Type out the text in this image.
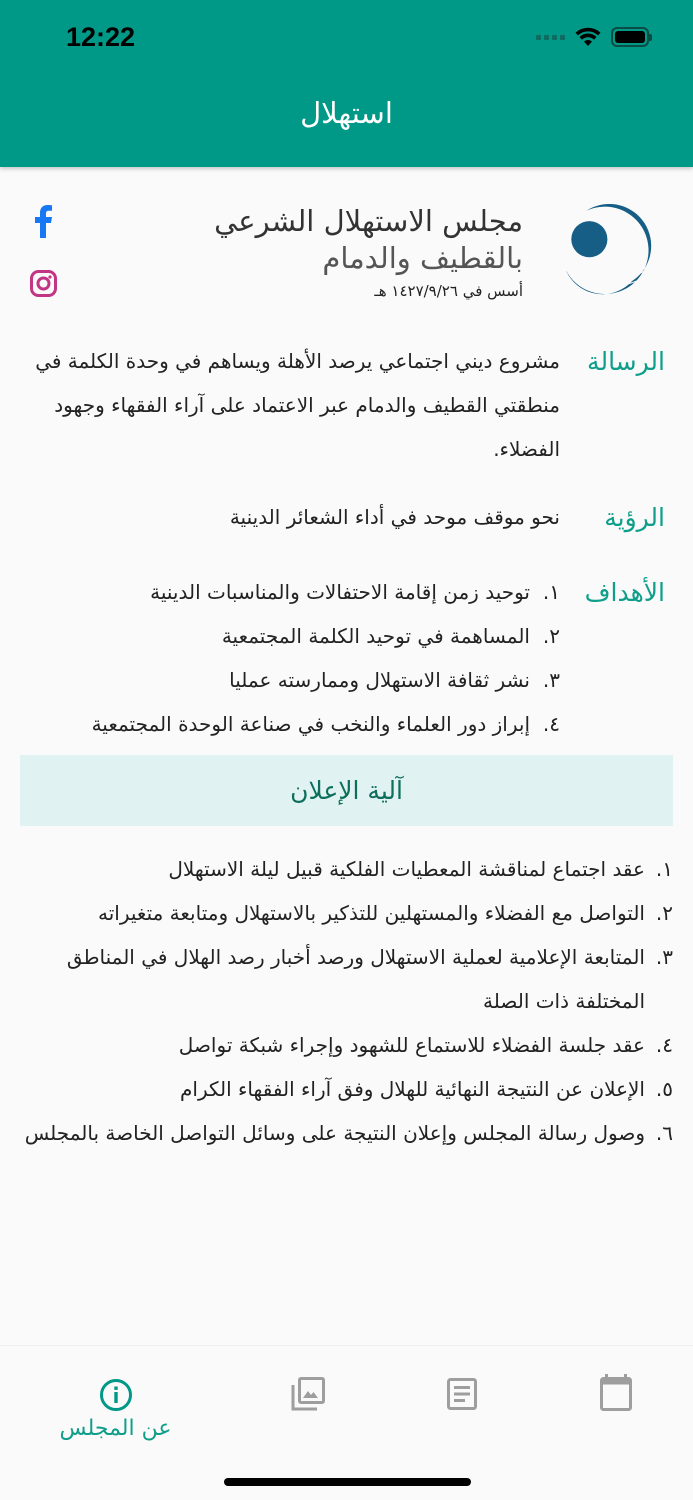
12:22
استهلال
مجلس الاستهلال الشرعي
بالقطيف والدمام
أسس في ١٤٢٧/٩/٢٦ هـ
الرسالة
مشروع ديني اجتماعي يرصد الأهلة ويساهم في وحدة الكلمة في منطقتي القطيف والدمام عبر الاعتماد على آراء الفقهاء وجهود الفضلاء.
الرؤية
نحو موقف موحد في أداء الشعائر الدينية
الأهداف
١.
توحيد زمن إقامة الاحتفالات والمناسبات الدينية
٢.
المساهمة في توحيد الكلمة المجتمعية
٣.
نشر ثقافة الاستهلال وممارسته عمليا
٤.
إبراز دور العلماء والنخب في صناعة الوحدة المجتمعية
آلية الإعلان
١.
عقد اجتماع لمناقشة المعطيات الفلكية قبيل ليلة الاستهلال
٢.
التواصل مع الفضلاء والمستهلين للتذكير بالاستهلال ومتابعة متغيراته
٣.
المتابعة الإعلامية لعملية الاستهلال ورصد أخبار رصد الهلال في المناطق المختلفة ذات الصلة
٤.
عقد جلسة الفضلاء للاستماع للشهود وإجراء شبكة تواصل
٥.
الإعلان عن النتيجة النهائية للهلال وفق آراء الفقهاء الكرام
٦.
وصول رسالة المجلس وإعلان النتيجة على وسائل التواصل الخاصة بالمجلس
عن المجلس
